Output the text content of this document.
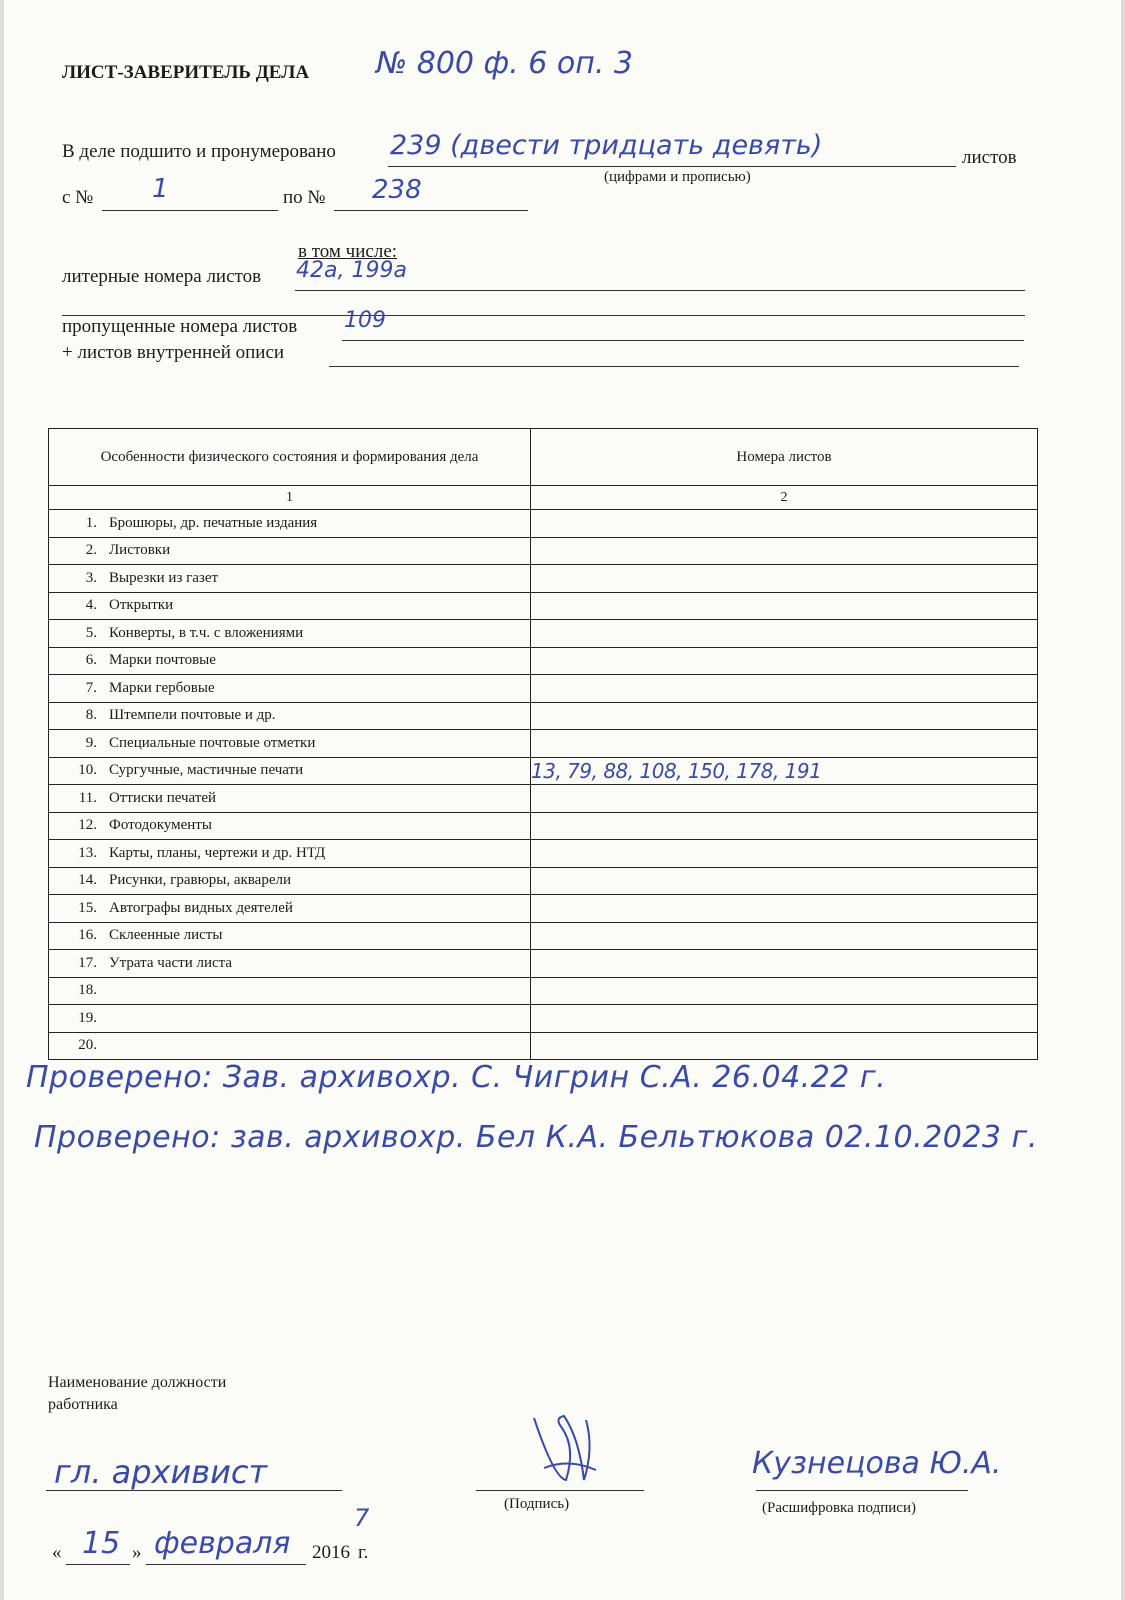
ЛИСТ-ЗАВЕРИТЕЛЬ ДЕЛА № 800 ф. 6 оп. 3
В деле подшито и пронумеровано 239 (двести тридцать девять)	листов
(цифрами и прописью)
с № 1	по № 238
в том числе:
литерные номера листов 42а, 199а
пропущенные номера листов 109
+ листов внутренней описи
Особенности физического состояния и формирования дела	Номера листов
1	2
1. Брошюры, др. печатные издания	
2. Листовки	
3. Вырезки из газет	
4. Открытки	
5. Конверты, в т.ч. с вложениями	
6. Марки почтовые	
7. Марки гербовые	
8. Штемпели почтовые и др.	
9. Специальные почтовые отметки	
10. Сургучные, мастичные печати	13, 79, 88, 108, 150, 178, 191
11. Оттиски печатей	
12. Фотодокументы	
13. Карты, планы, чертежи и др. НТД	
14. Рисунки, гравюры, акварели	
15. Автографы видных деятелей	
16. Склеенные листы	
17. Утрата части листа	
18.	
19.	
20.	
Проверено: Зав. архивохр. С. Чигрин С.А. 26.04.22 г.
Проверено: зав. архивохр. Бел К.А. Бельтюкова 02.10.2023 г.
Наименование должности работника
гл. архивист
(Подпись)
Кузнецова Ю.А.
(Расшифровка подписи)
« 15 » февраля 2016
7
г.
